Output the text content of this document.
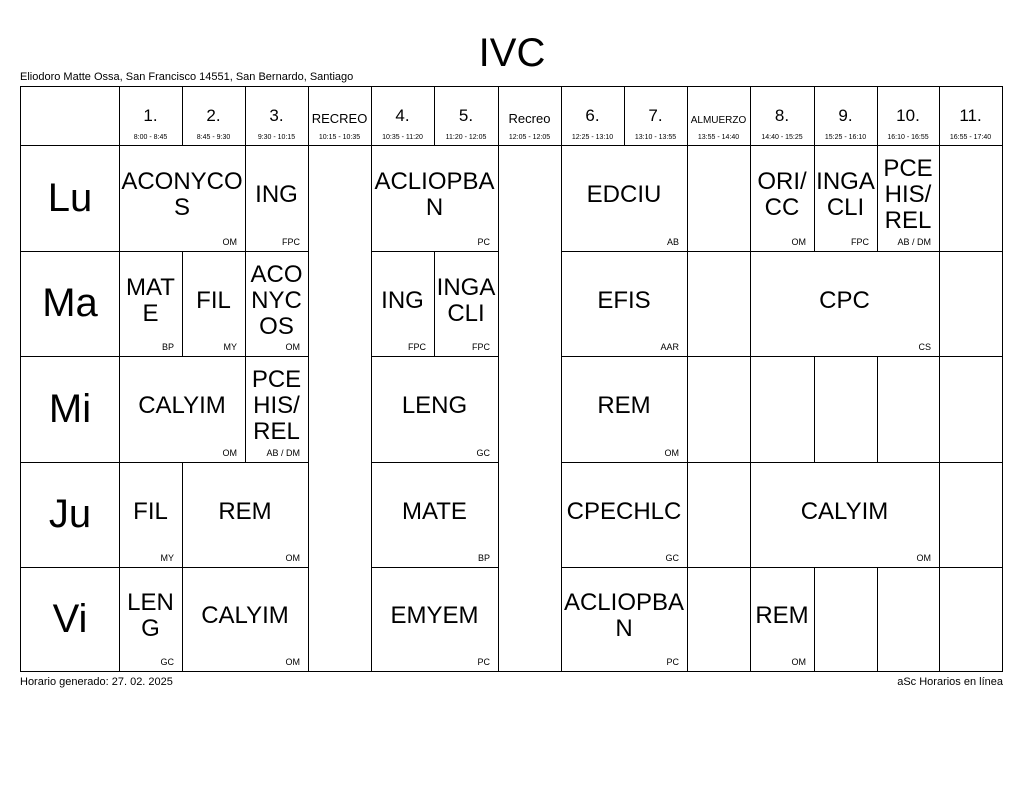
IVC
Eliodoro Matte Ossa, San Francisco 14551, San Bernardo, Santiago
1.
8:00 - 8:45
2.
8:45 - 9:30
3.
9:30 - 10:15
RECREO
10:15 - 10:35
4.
10:35 - 11:20
5.
11:20 - 12:05
Recreo
12:05 - 12:05
6.
12:25 - 13:10
7.
13:10 - 13:55
ALMUERZO
13:55 - 14:40
8.
14:40 - 15:25
9.
15:25 - 16:10
10.
16:10 - 16:55
11.
16:55 - 17:40
Lu
Ma
Mi
Ju
Vi
ACONYCOS
OM
ING
FPC
ACLIOPBAN
PC
EDCIU
AB
ORI/CC
OM
INGACLI
FPC
PCEHIS/REL
AB / DM
MATE
BP
FIL
MY
ACONYCOS
OM
ING
FPC
INGACLI
FPC
EFIS
AAR
CPC
CS
CALYIM
OM
PCEHIS/REL
AB / DM
LENG
GC
REM
OM
FIL
MY
REM
OM
MATE
BP
CPECHLC
GC
CALYIM
OM
LENG
GC
CALYIM
OM
EMYEM
PC
ACLIOPBAN
PC
REM
OM
Horario generado: 27. 02. 2025	aSc Horarios en línea
